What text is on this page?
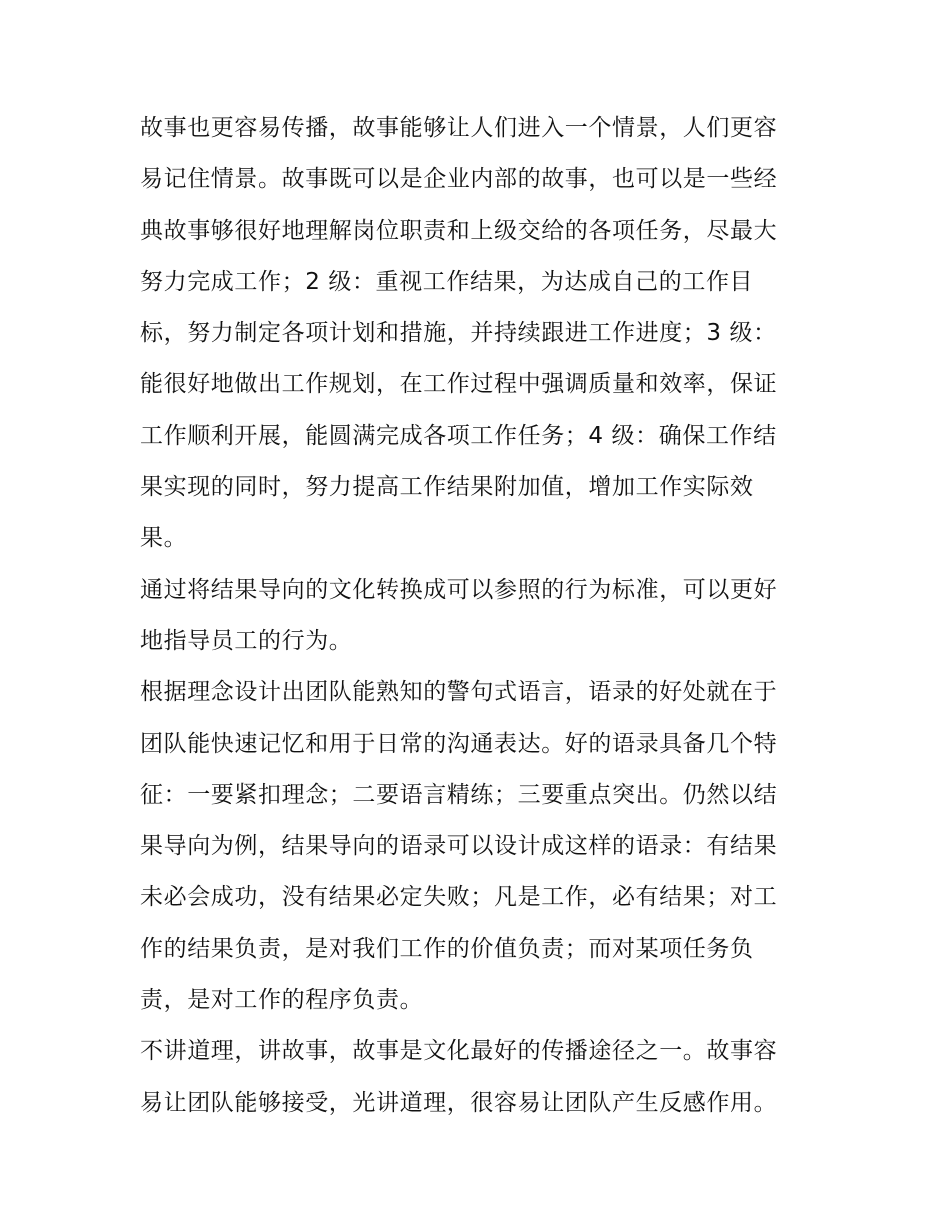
故事也更容易传播，故事能够让人们进入一个情景，人们更容
易记住情景。故事既可以是企业内部的故事，也可以是一些经
典故事够很好地理解岗位职责和上级交给的各项任务，尽最大
努力完成工作；2 级：重视工作结果，为达成自己的工作目
标，努力制定各项计划和措施，并持续跟进工作进度；3 级：
能很好地做出工作规划，在工作过程中强调质量和效率，保证
工作顺利开展，能圆满完成各项工作任务；4 级：确保工作结
果实现的同时，努力提高工作结果附加值，增加工作实际效
果。
通过将结果导向的文化转换成可以参照的行为标准，可以更好
地指导员工的行为。
根据理念设计出团队能熟知的警句式语言，语录的好处就在于
团队能快速记忆和用于日常的沟通表达。好的语录具备几个特
征：一要紧扣理念；二要语言精练；三要重点突出。仍然以结
果导向为例，结果导向的语录可以设计成这样的语录：有结果
未必会成功，没有结果必定失败；凡是工作，必有结果；对工
作的结果负责，是对我们工作的价值负责；而对某项任务负
责，是对工作的程序负责。
不讲道理，讲故事，故事是文化最好的传播途径之一。故事容
易让团队能够接受，光讲道理，很容易让团队产生反感作用。
